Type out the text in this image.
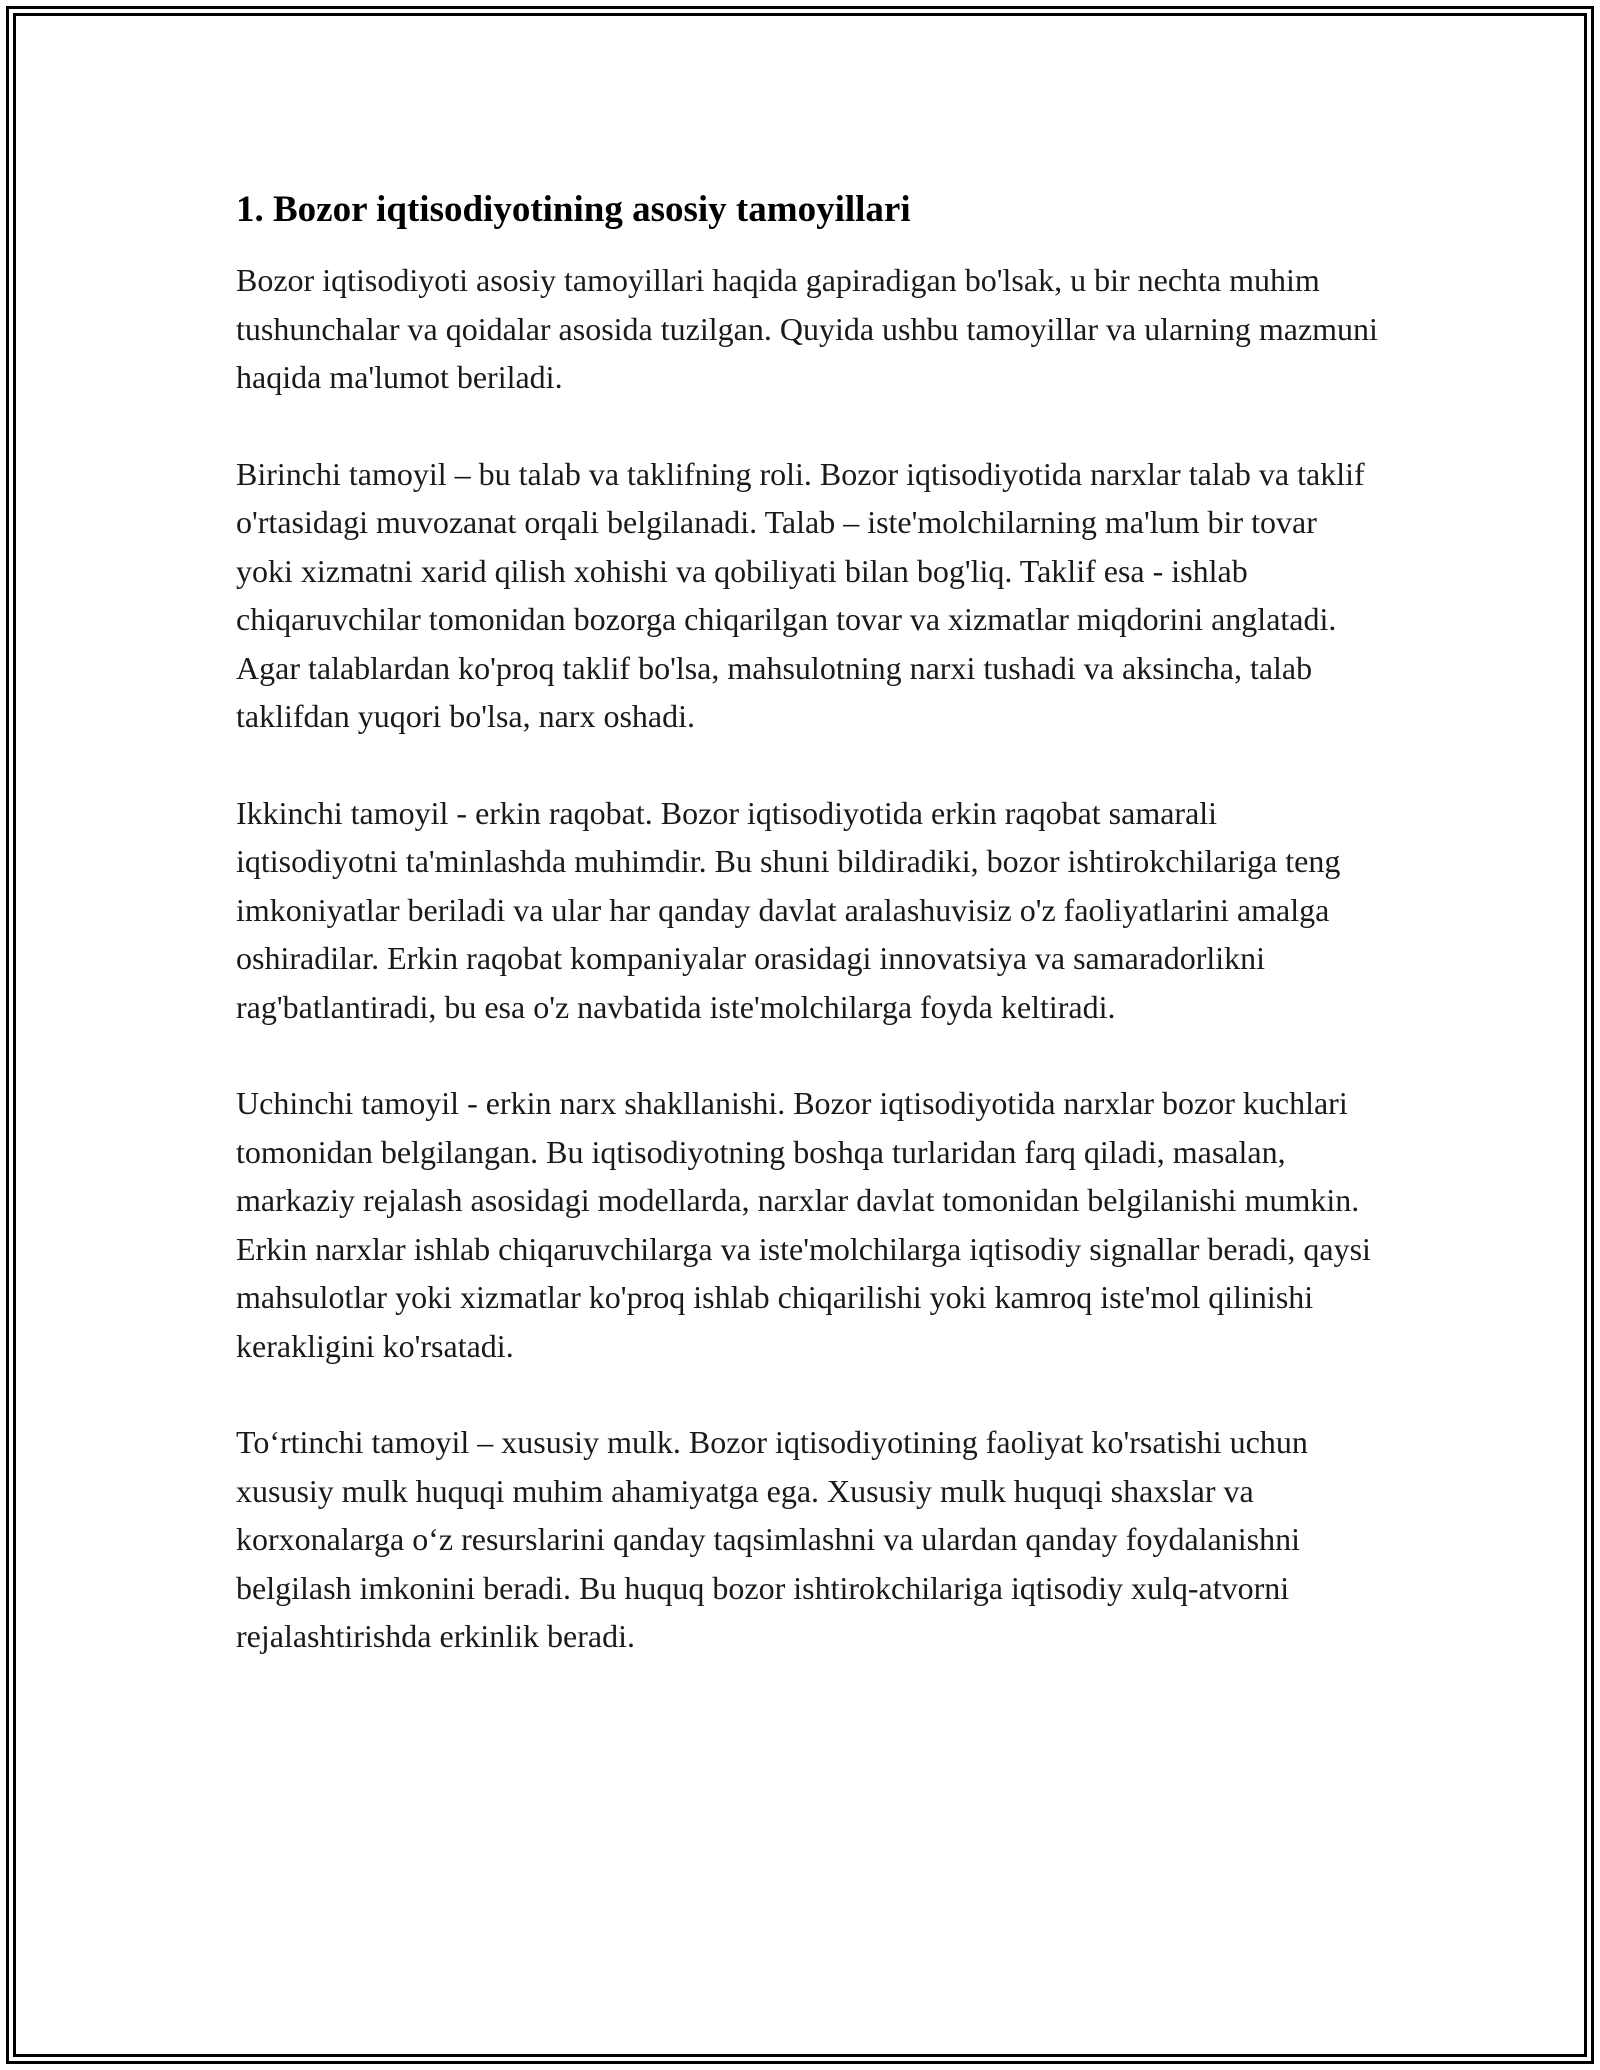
1. Bozor iqtisodiyotining asosiy tamoyillari

Bozor iqtisodiyoti asosiy tamoyillari haqida gapiradigan bo'lsak, u bir nechta muhim tushunchalar va qoidalar asosida tuzilgan. Quyida ushbu tamoyillar va ularning mazmuni haqida ma'lumot beriladi.

Birinchi tamoyil – bu talab va taklifning roli. Bozor iqtisodiyotida narxlar talab va taklif o'rtasidagi muvozanat orqali belgilanadi. Talab – iste'molchilarning ma'lum bir tovar yoki xizmatni xarid qilish xohishi va qobiliyati bilan bog'liq. Taklif esa - ishlab chiqaruvchilar tomonidan bozorga chiqarilgan tovar va xizmatlar miqdorini anglatadi. Agar talablardan ko'proq taklif bo'lsa, mahsulotning narxi tushadi va aksincha, talab taklifdan yuqori bo'lsa, narx oshadi.

Ikkinchi tamoyil - erkin raqobat. Bozor iqtisodiyotida erkin raqobat samarali iqtisodiyotni ta'minlashda muhimdir. Bu shuni bildiradiki, bozor ishtirokchilariga teng imkoniyatlar beriladi va ular har qanday davlat aralashuvisiz o'z faoliyatlarini amalga oshiradilar. Erkin raqobat kompaniyalar orasidagi innovatsiya va samaradorlikni rag'batlantiradi, bu esa o'z navbatida iste'molchilarga foyda keltiradi.

Uchinchi tamoyil - erkin narx shakllanishi. Bozor iqtisodiyotida narxlar bozor kuchlari tomonidan belgilangan. Bu iqtisodiyotning boshqa turlaridan farq qiladi, masalan, markaziy rejalash asosidagi modellarda, narxlar davlat tomonidan belgilanishi mumkin. Erkin narxlar ishlab chiqaruvchilarga va iste'molchilarga iqtisodiy signallar beradi, qaysi mahsulotlar yoki xizmatlar ko'proq ishlab chiqarilishi yoki kamroq iste'mol qilinishi kerakligini ko'rsatadi.

To‘rtinchi tamoyil – xususiy mulk. Bozor iqtisodiyotining faoliyat ko'rsatishi uchun xususiy mulk huquqi muhim ahamiyatga ega. Xususiy mulk huquqi shaxslar va korxonalarga o‘z resurslarini qanday taqsimlashni va ulardan qanday foydalanishni belgilash imkonini beradi. Bu huquq bozor ishtirokchilariga iqtisodiy xulq-atvorni rejalashtirishda erkinlik beradi.
